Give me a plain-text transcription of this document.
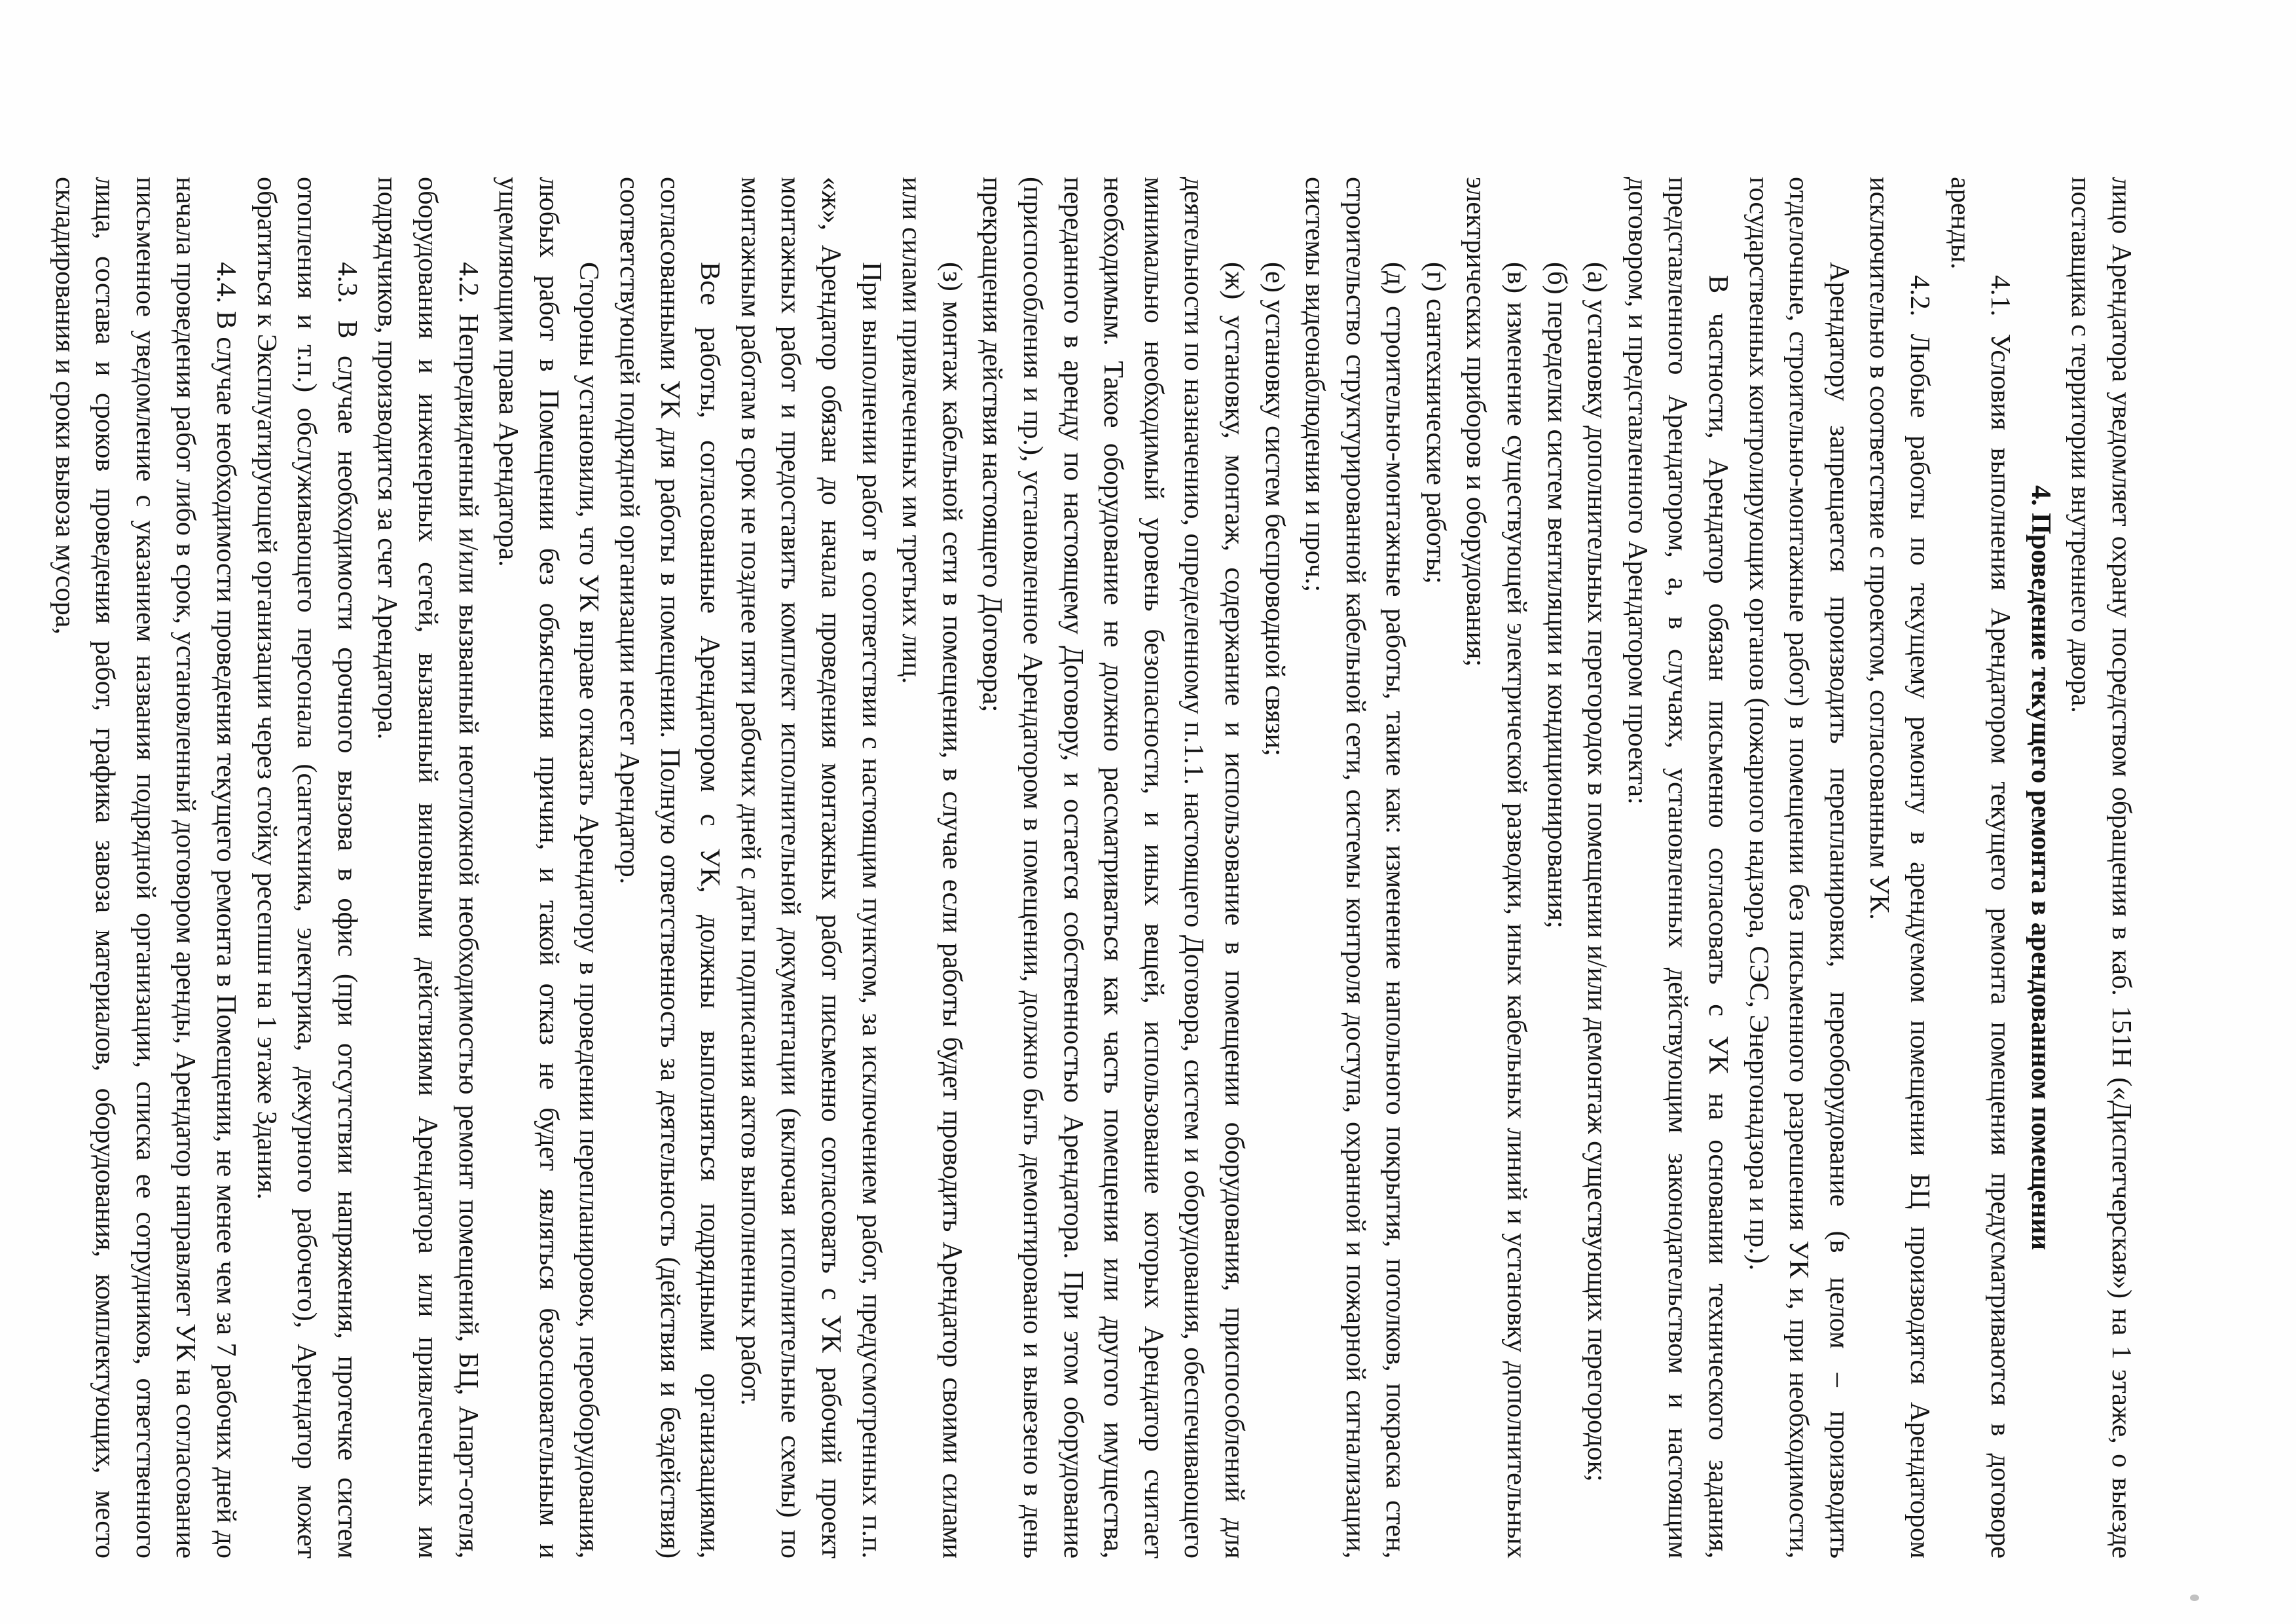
лицо Арендатора уведомляет охрану посредством обращения в каб. 151Н («Диспетчерская») на 1 этаже, о выезде поставщика с территории внутреннего двора.

4. Проведение текущего ремонта в арендованном помещении

4.1. Условия выполнения Арендатором текущего ремонта помещения предусматриваются в договоре аренды.

4.2. Любые работы по текущему ремонту в арендуемом помещении БЦ производятся Арендатором исключительно в соответствие с проектом, согласованным УК.

Арендатору запрещается производить перепланировки, переоборудование (в целом – производить отделочные, строительно-монтажные работ) в помещении без письменного разрешения УК и, при необходимости, государственных контролирующих органов (пожарного надзора, СЭС, Энергонадзора и пр.).

В частности, Арендатор обязан письменно согласовать с УК на основании технического задания, представленного Арендатором, а, в случаях, установленных действующим законодательством и настоящим договором, и представленного Арендатором проекта:

(а) установку дополнительных перегородок в помещении и/или демонтаж существующих перегородок;

(б) переделки систем вентиляции и кондиционирования;

(в) изменение существующей электрической разводки, иных кабельных линий и установку дополнительных электрических приборов и оборудования;

(г) сантехнические работы;

(д) строительно-монтажные работы, такие как: изменение напольного покрытия, потолков, покраска стен, строительство структурированной кабельной сети, системы контроля доступа, охранной и пожарной сигнализации, системы видеонаблюдения и проч.;

(е) установку систем беспроводной связи;

(ж) установку, монтаж, содержание и использование в помещении оборудования, приспособлений для деятельности по назначению, определенному п.1.1. настоящего Договора, систем и оборудования, обеспечивающего минимально необходимый уровень безопасности, и иных вещей, использование которых Арендатор считает необходимым. Такое оборудование не должно рассматриваться как часть помещения или другого имущества, переданного в аренду по настоящему Договору, и остается собственностью Арендатора. При этом оборудование (приспособления и пр.), установленное Арендатором в помещении, должно быть демонтировано и вывезено в день прекращения действия настоящего Договора;

(з) монтаж кабельной сети в помещении, в случае если работы будет проводить Арендатор своими силами или силами привлеченных им третьих лиц.

При выполнении работ в соответствии с настоящим пунктом, за исключением работ, предусмотренных п.п. «ж», Арендатор обязан до начала проведения монтажных работ письменно согласовать с УК рабочий проект монтажных работ и предоставить комплект исполнительной документации (включая исполнительные схемы) по монтажным работам в срок не позднее пяти рабочих дней с даты подписания актов выполненных работ.

Все работы, согласованные Арендатором с УК, должны выполняться подрядными организациями, согласованными УК для работы в помещении. Полную ответственность за деятельность (действия и бездействия) соответствующей подрядной организации несет Арендатор.

Стороны установили, что УК вправе отказать Арендатору в проведении перепланировок, переоборудования, любых работ в Помещении без объяснения причин, и такой отказ не будет являться безосновательным и ущемляющим права Арендатора.

4.2. Непредвиденный и/или вызванный неотложной необходимостью ремонт помещений, БЦ, Апарт-отеля, оборудования и инженерных сетей, вызванный виновными действиями Арендатора или привлеченных им подрядчиков, производится за счет Арендатора.

4.3. В случае необходимости срочного вызова в офис (при отсутствии напряжения, протечке систем отопления и т.п.) обслуживающего персонала (сантехника, электрика, дежурного рабочего), Арендатор может обратиться к Эксплуатирующей организации через стойку ресепшн на 1 этаже Здания.

4.4. В случае необходимости проведения текущего ремонта в Помещении, не менее чем за 7 рабочих дней до начала проведения работ либо в срок, установленный договором аренды, Арендатор направляет УК на согласование письменное уведомление с указанием названия подрядной организации, списка ее сотрудников, ответственного лица, состава и сроков проведения работ, графика завоза материалов, оборудования, комплектующих, место складирования и сроки вывоза мусора,
